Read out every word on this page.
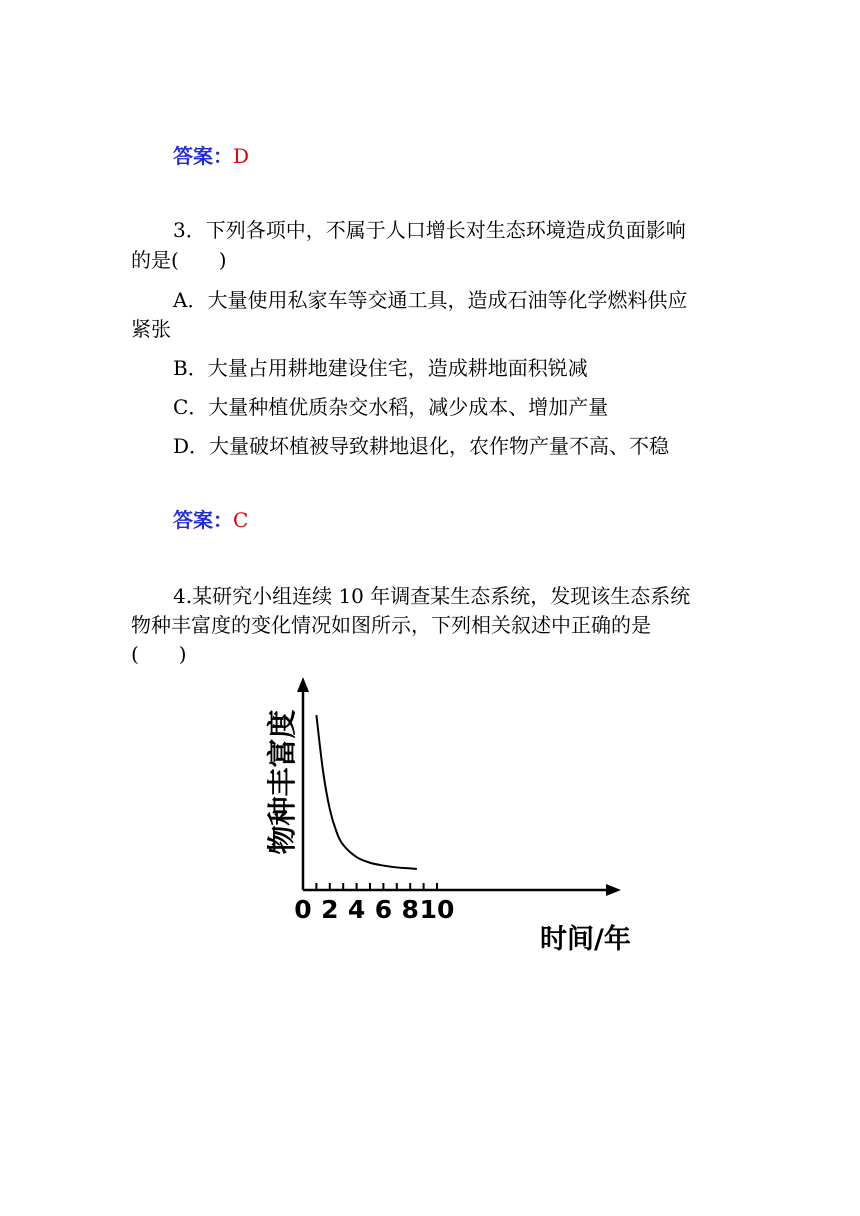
答案：D
3．下列各项中，不属于人口增长对生态环境造成负面影响
的是(　　)
A．大量使用私家车等交通工具，造成石油等化学燃料供应
紧张
B．大量占用耕地建设住宅，造成耕地面积锐减
C．大量种植优质杂交水稻，减少成本、增加产量
D．大量破坏植被导致耕地退化，农作物产量不高、不稳
答案：C
4.某研究小组连续 10 年调查某生态系统，发现该生态系统
物种丰富度的变化情况如图所示，下列相关叙述中正确的是
(　　)
0 2 4 6 8 10
物种丰富度
时间/年
